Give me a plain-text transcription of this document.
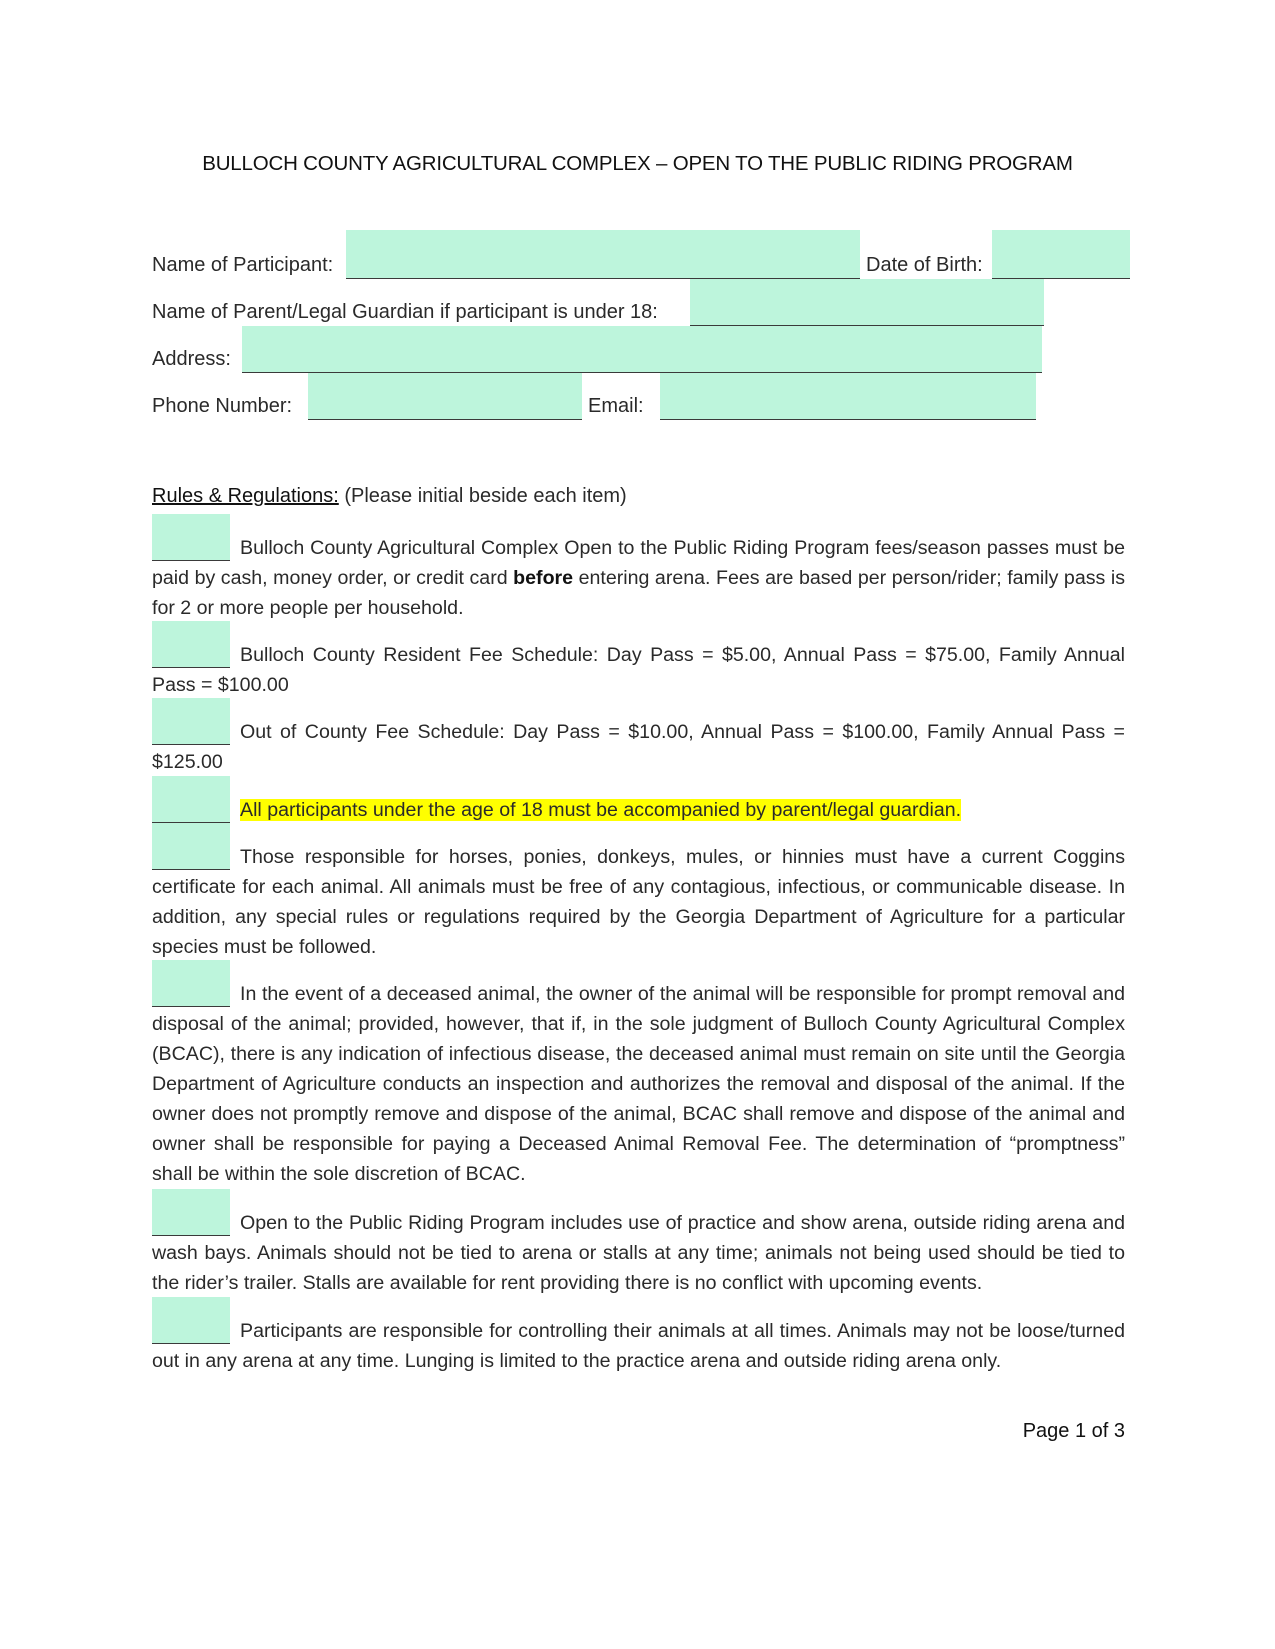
BULLOCH COUNTY AGRICULTURAL COMPLEX – OPEN TO THE PUBLIC RIDING PROGRAM
Name of Participant:	Date of Birth:
Name of Parent/Legal Guardian if participant is under 18:
Address:
Phone Number:	Email:
Rules & Regulations: (Please initial beside each item)

Bulloch County Agricultural Complex Open to the Public Riding Program fees/season passes must be paid by cash, money order, or credit card before entering arena. Fees are based per person/rider; family pass is for 2 or more people per household.

Bulloch County Resident Fee Schedule: Day Pass = $5.00, Annual Pass = $75.00, Family Annual Pass = $100.00

Out of County Fee Schedule: Day Pass = $10.00, Annual Pass = $100.00, Family Annual Pass = $125.00

All participants under the age of 18 must be accompanied by parent/legal guardian.

Those responsible for horses, ponies, donkeys, mules, or hinnies must have a current Coggins certificate for each animal. All animals must be free of any contagious, infectious, or communicable disease. In addition, any special rules or regulations required by the Georgia Department of Agriculture for a particular species must be followed.

In the event of a deceased animal, the owner of the animal will be responsible for prompt removal and disposal of the animal; provided, however, that if, in the sole judgment of Bulloch County Agricultural Complex (BCAC), there is any indication of infectious disease, the deceased animal must remain on site until the Georgia Department of Agriculture conducts an inspection and authorizes the removal and disposal of the animal. If the owner does not promptly remove and dispose of the animal, BCAC shall remove and dispose of the animal and owner shall be responsible for paying a Deceased Animal Removal Fee. The determination of “promptness” shall be within the sole discretion of BCAC.

Open to the Public Riding Program includes use of practice and show arena, outside riding arena and wash bays. Animals should not be tied to arena or stalls at any time; animals not being used should be tied to the rider’s trailer. Stalls are available for rent providing there is no conflict with upcoming events.

Participants are responsible for controlling their animals at all times. Animals may not be loose/turned out in any arena at any time. Lunging is limited to the practice arena and outside riding arena only.

Page 1 of 3
